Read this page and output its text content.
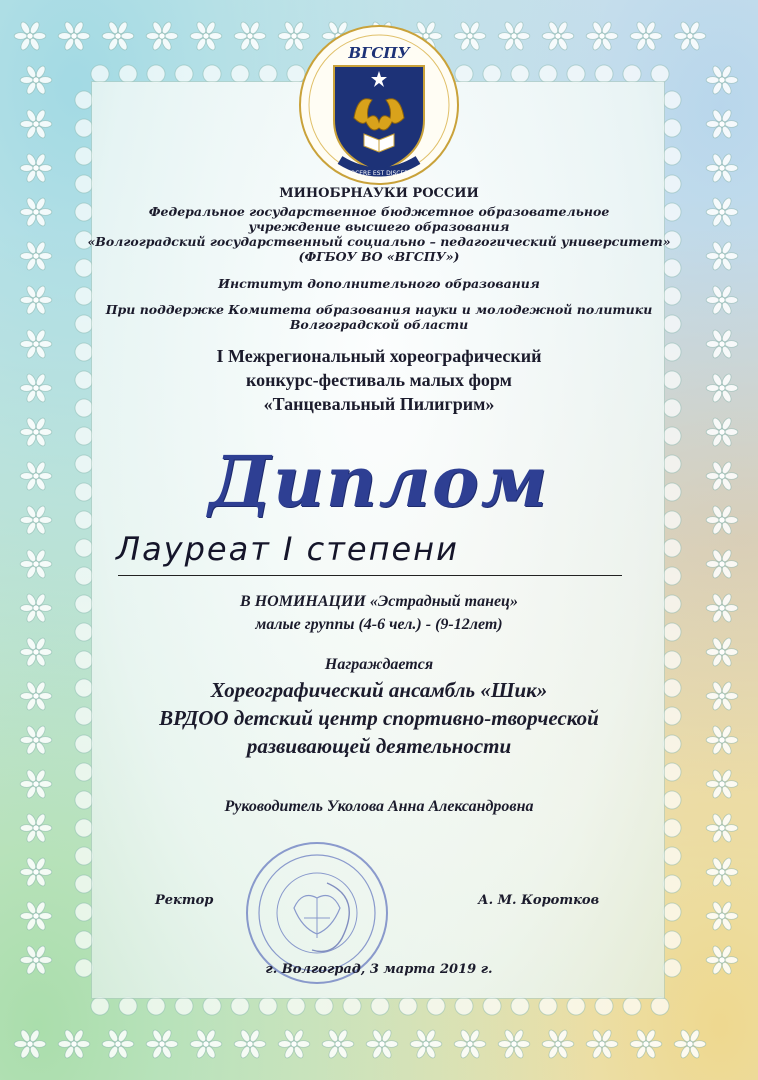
ВГСПУ
DOCERE EST DISCERE
МИНОБРНАУКИ РОССИИ
Федеральное государственное бюджетное образовательное
учреждение высшего образования
«Волгоградский государственный социально – педагогический университет»
(ФГБОУ ВО «ВГСПУ»)
Институт дополнительного образования
При поддержке Комитета образования науки и молодежной политики
Волгоградской области
I Межрегиональный хореографический
конкурс-фестиваль малых форм
«Танцевальный Пилигрим»
Диплом
Лауреат I степени
В НОМИНАЦИИ «Эстрадный танец»
малые группы (4-6 чел.) - (9-12лет)
Награждается
Хореографический ансамбль «Шик»
ВРДОО детский центр спортивно-творческой
развивающей деятельности
Руководитель Уколова Анна Александровна
Ректор	А. М. Коротков
г. Волгоград, 3 марта 2019 г.
